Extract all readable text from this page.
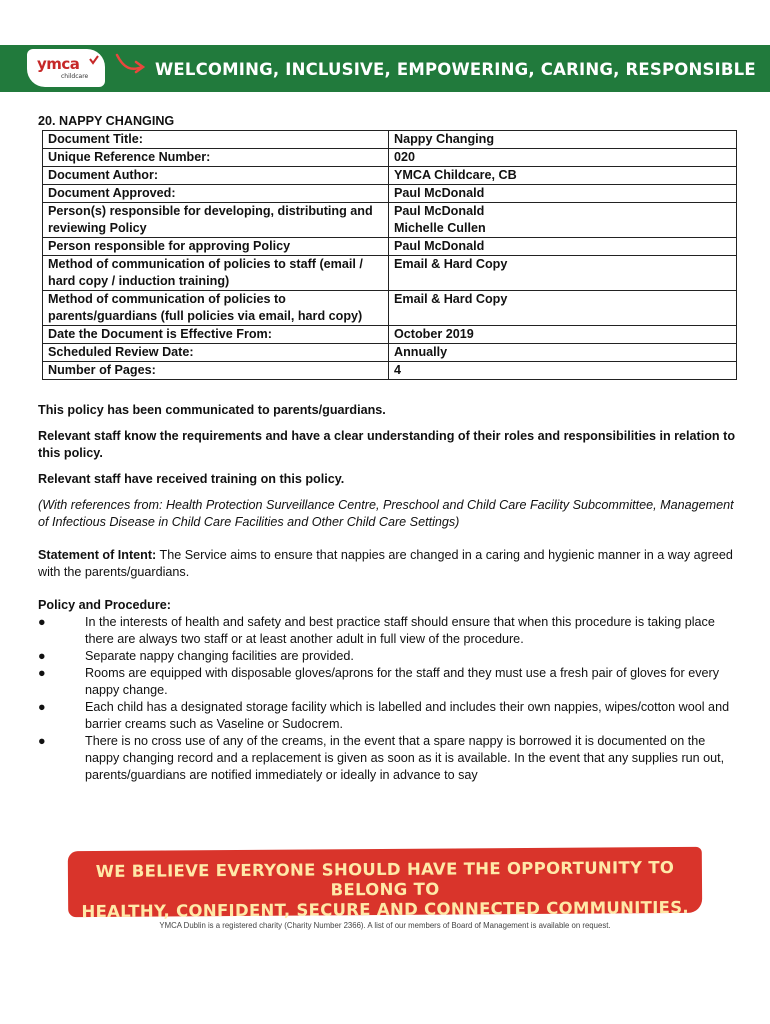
ymca
childcare	WELCOMING, INCLUSIVE, EMPOWERING, CARING, RESPONSIBLE

20. NAPPY CHANGING

Document Title:	Nappy Changing
Unique Reference Number:	020
Document Author:	YMCA Childcare, CB
Document Approved:	Paul McDonald
Person(s) responsible for developing, distributing and reviewing Policy	Paul McDonald
Michelle Cullen

Person responsible for approving Policy	Paul McDonald
Method of communication of policies to staff (email / hard copy / induction training)	Email & Hard Copy
Method of communication of policies to parents/guardians (full policies via email, hard copy)	Email & Hard Copy
Date the Document is Effective From:	October 2019
Scheduled Review Date:	Annually
Number of Pages:	4

This policy has been communicated to parents/guardians.

Relevant staff know the requirements and have a clear understanding of their roles and responsibilities in relation to this policy.

Relevant staff have received training on this policy.

(With references from: Health Protection Surveillance Centre, Preschool and Child Care Facility Subcommittee, Management of Infectious Disease in Child Care Facilities and Other Child Care Settings)

Statement of Intent: The Service aims to ensure that nappies are changed in a caring and hygienic manner in a way agreed with the parents/guardians.

Policy and Procedure:

●	In the interests of health and safety and best practice staff should ensure that when this procedure is taking place there are always two staff or at least another adult in full view of the procedure.
●	Separate nappy changing facilities are provided.
●	Rooms are equipped with disposable gloves/aprons for the staff and they must use a fresh pair of gloves for every nappy change.
●	Each child has a designated storage facility which is labelled and includes their own nappies, wipes/cotton wool and barrier creams such as Vaseline or Sudocrem.
●	There is no cross use of any of the creams, in the event that a spare nappy is borrowed it is documented on the nappy changing record and a replacement is given as soon as it is available. In the event that any supplies run out, parents/guardians are notified immediately or ideally in advance to say
WE BELIEVE EVERYONE SHOULD HAVE THE OPPORTUNITY TO BELONG TO
HEALTHY, CONFIDENT, SECURE AND CONNECTED COMMUNITIES.
YMCA Dublin is a registered charity (Charity Number 2366). A list of our members of Board of Management is available on request.
